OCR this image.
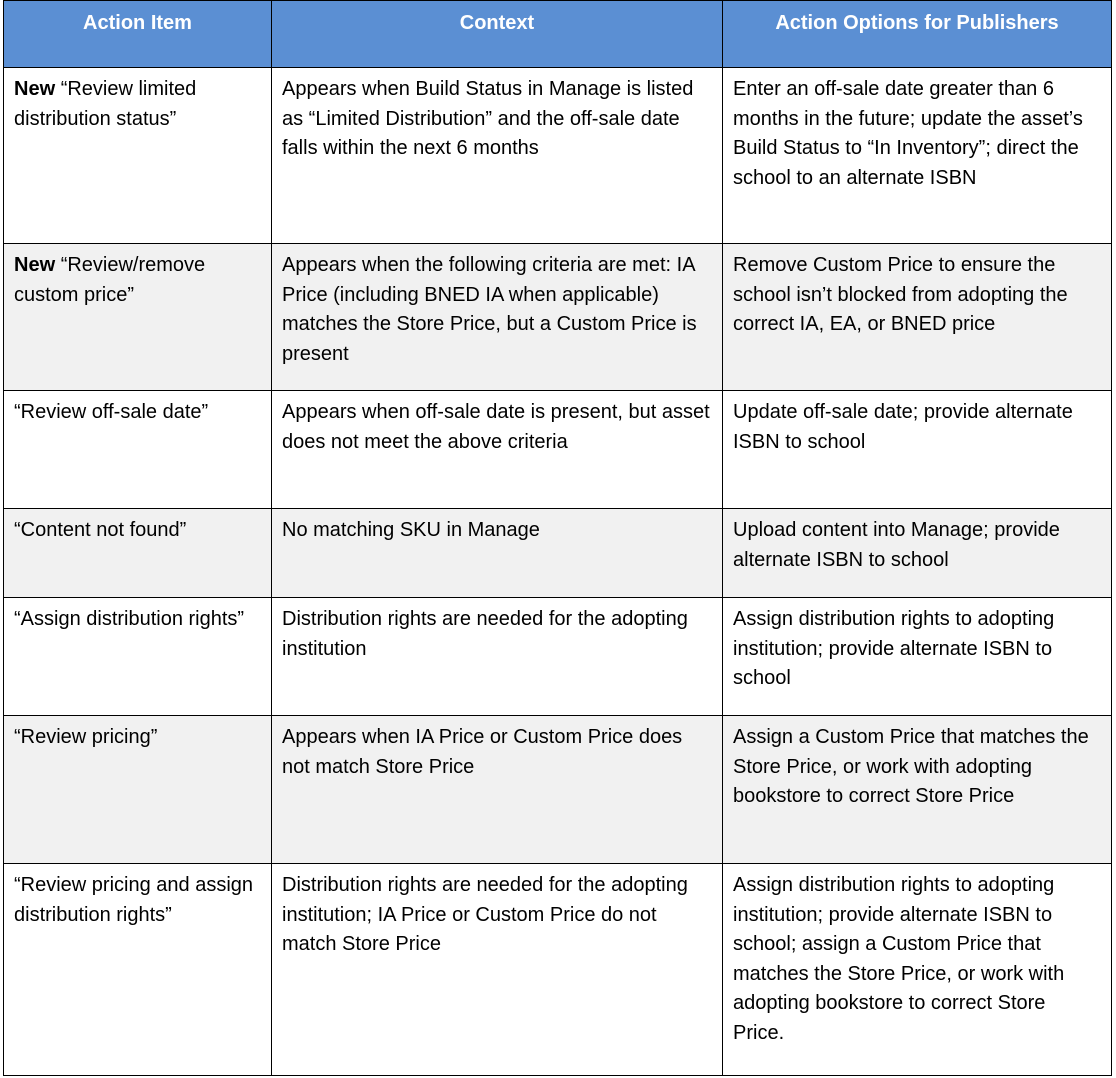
Action Item	Context	Action Options for Publishers
New “Review limited distribution status”	Appears when Build Status in Manage is listed as “Limited Distribution” and the off-sale date falls within the next 6 months	Enter an off-sale date greater than 6 months in the future; update the asset’s Build Status to “In Inventory”; direct the school to an alternate ISBN
New “Review/remove custom price”	Appears when the following criteria are met: IA Price (including BNED IA when applicable) matches the Store Price, but a Custom Price is present	Remove Custom Price to ensure the school isn’t blocked from adopting the correct IA, EA, or BNED price
“Review off-sale date”	Appears when off-sale date is present, but asset does not meet the above criteria	Update off-sale date; provide alternate ISBN to school
“Content not found”	No matching SKU in Manage	Upload content into Manage; provide alternate ISBN to school
“Assign distribution rights”	Distribution rights are needed for the adopting institution	Assign distribution rights to adopting institution; provide alternate ISBN to school
“Review pricing”	Appears when IA Price or Custom Price does not match Store Price	Assign a Custom Price that matches the Store Price, or work with adopting bookstore to correct Store Price
“Review pricing and assign distribution rights”	Distribution rights are needed for the adopting institution; IA Price or Custom Price do not match Store Price	Assign distribution rights to adopting institution; provide alternate ISBN to school; assign a Custom Price that matches the Store Price, or work with adopting bookstore to correct Store Price.
